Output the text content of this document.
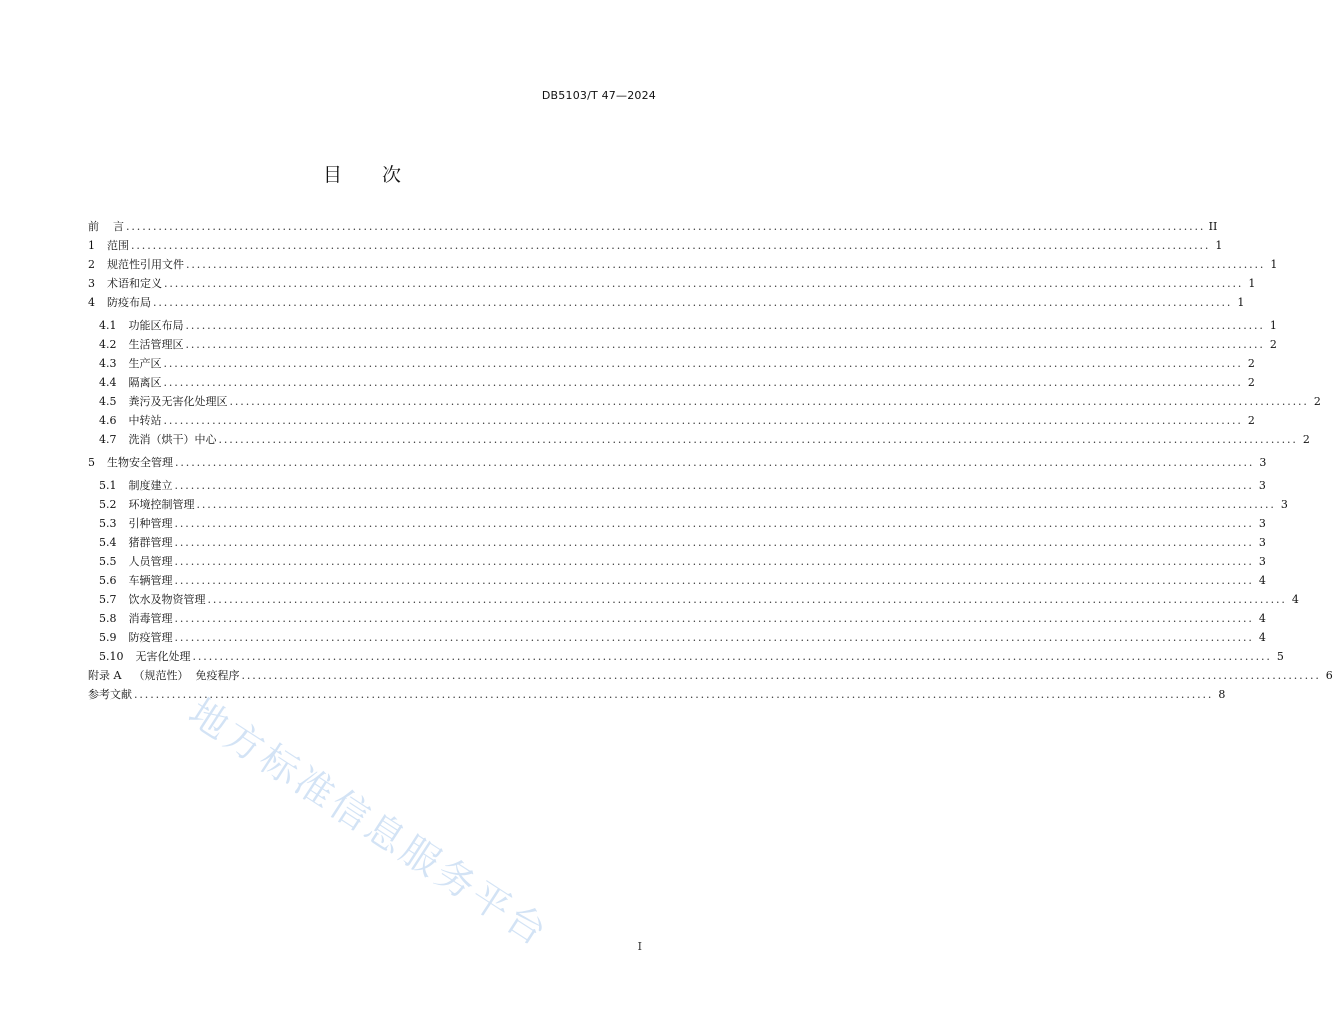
DB5103/T 47—2024
目 次
前    言 ........................................................................................................................................................................................................ II
1 范围 ........................................................................................................................................................................................................ 1
2 规范性引用文件 ........................................................................................................................................................................................................ 1
3 术语和定义 ........................................................................................................................................................................................................ 1
4 防疫布局 ........................................................................................................................................................................................................ 1
4.1 功能区布局 ........................................................................................................................................................................................................ 1
4.2 生活管理区 ........................................................................................................................................................................................................ 2
4.3 生产区 ........................................................................................................................................................................................................ 2
4.4 隔离区 ........................................................................................................................................................................................................ 2
4.5 粪污及无害化处理区 ........................................................................................................................................................................................................ 2
4.6 中转站 ........................................................................................................................................................................................................ 2
4.7 洗消（烘干）中心 ........................................................................................................................................................................................................ 2
5 生物安全管理 ........................................................................................................................................................................................................ 3
5.1 制度建立 ........................................................................................................................................................................................................ 3
5.2 环境控制管理 ........................................................................................................................................................................................................ 3
5.3 引种管理 ........................................................................................................................................................................................................ 3
5.4 猪群管理 ........................................................................................................................................................................................................ 3
5.5 人员管理 ........................................................................................................................................................................................................ 3
5.6 车辆管理 ........................................................................................................................................................................................................ 4
5.7 饮水及物资管理 ........................................................................................................................................................................................................ 4
5.8 消毒管理 ........................................................................................................................................................................................................ 4
5.9 防疫管理 ........................................................................................................................................................................................................ 4
5.10 无害化处理 ........................................................................................................................................................................................................ 5
附录 A （规范性）  免疫程序 ........................................................................................................................................................................................................ 6
参考文献 ........................................................................................................................................................................................................ 8
地方标准信息服务平台	I
